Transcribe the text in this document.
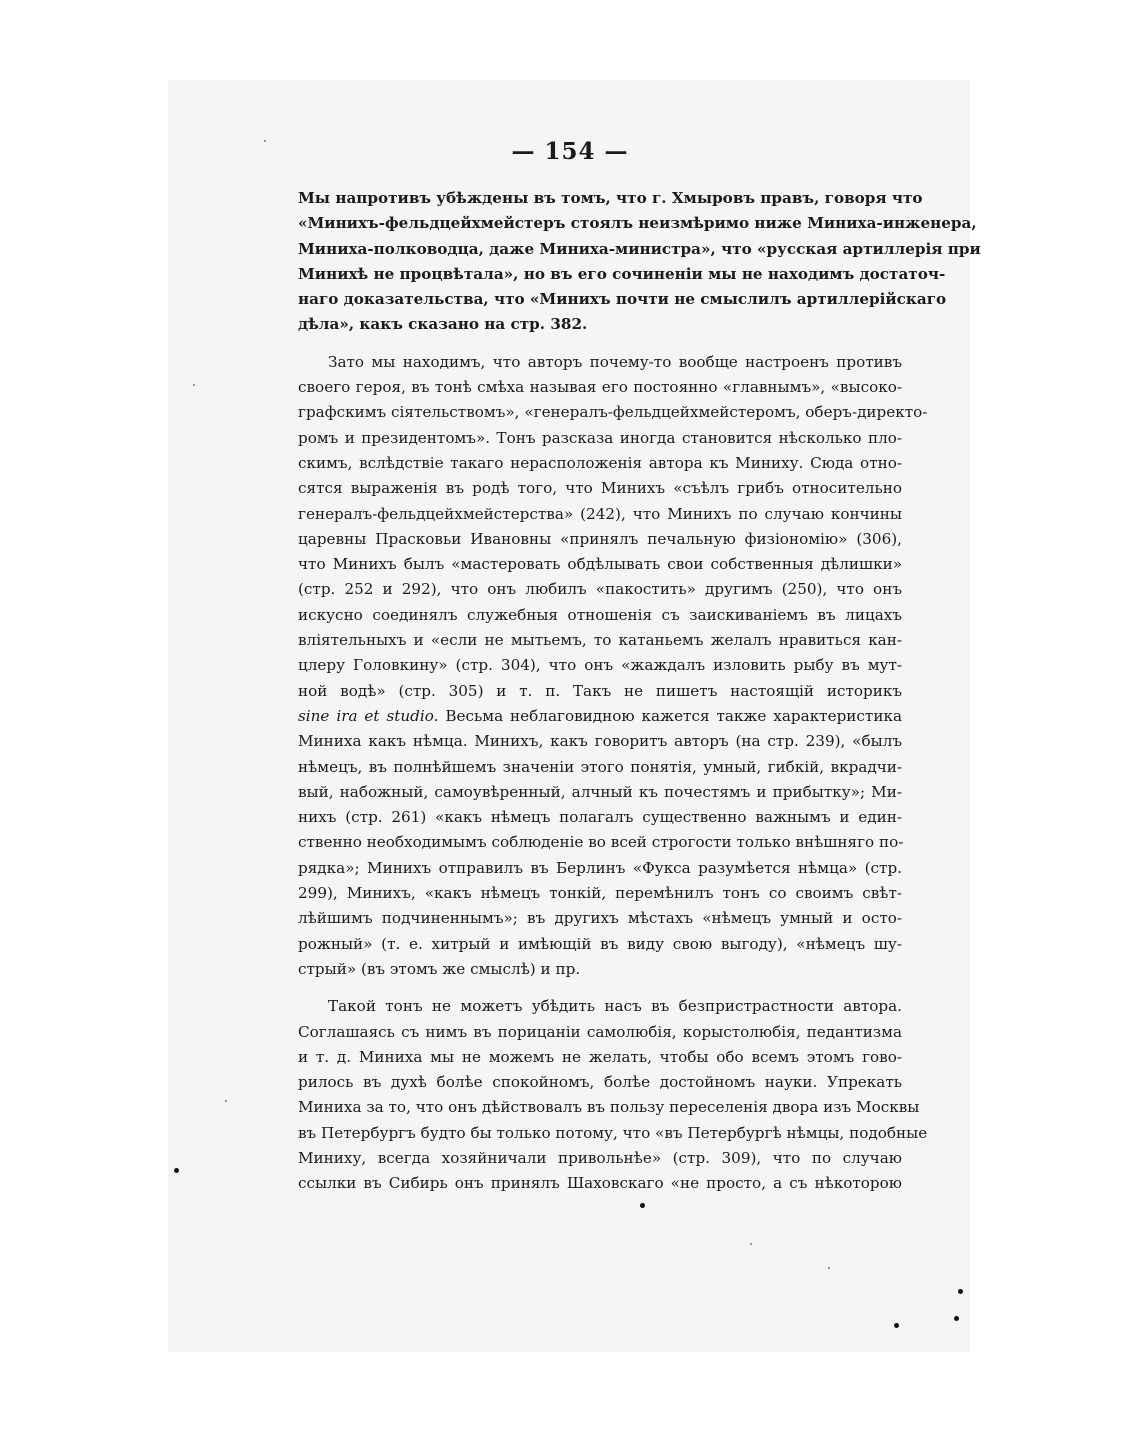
— 154 —
Мы напротивъ убѣждены въ томъ, что г. Хмыровъ правъ, говоря что
«Минихъ-фельдцейхмейстеръ стоялъ неизмѣримо ниже Миниха-инженера,
Миниха-полководца, даже Миниха-министра», что «русская артиллерія при
Минихѣ не процвѣтала», но въ его сочиненіи мы не находимъ достаточ-
наго доказательства, что «Минихъ почти не смыслилъ артиллерійскаго
дѣла», какъ сказано на стр. 382.
Зато мы находимъ, что авторъ почему-то вообще настроенъ противъ
своего героя, въ тонѣ смѣха называя его постоянно «главнымъ», «высоко-
графскимъ сіятельствомъ», «генералъ-фельдцейхмейстеромъ, оберъ-директо-
ромъ и президентомъ». Тонъ разсказа иногда становится нѣсколько пло-
скимъ, вслѣдствіе такаго нерасположенія автора къ Миниху. Сюда отно-
сятся выраженія въ родѣ того, что Минихъ «съѣлъ грибъ относительно
генералъ-фельдцейхмейстерства» (242), что Минихъ по случаю кончины
царевны Прасковьи Ивановны «принялъ печальную физіономію» (306),
что Минихъ былъ «мастеровать обдѣлывать свои собственныя дѣлишки»
(стр. 252 и 292), что онъ любилъ «пакостить» другимъ (250), что онъ
искусно соединялъ служебныя отношенія съ заискиваніемъ въ лицахъ
вліятельныхъ и «если не мытьемъ, то катаньемъ желалъ нравиться кан-
цлеру Головкину» (стр. 304), что онъ «жаждалъ изловить рыбу въ мут-
ной водѣ» (стр. 305) и т. п. Такъ не пишетъ настоящій историкъ
sine ira et studio. Весьма неблаговидною кажется также характеристика
Миниха какъ нѣмца. Минихъ, какъ говоритъ авторъ (на стр. 239), «былъ
нѣмецъ, въ полнѣйшемъ значеніи этого понятія, умный, гибкій, вкрадчи-
вый, набожный, самоувѣренный, алчный къ почестямъ и прибытку»; Ми-
нихъ (стр. 261) «какъ нѣмецъ полагалъ существенно важнымъ и един-
ственно необходимымъ соблюденіе во всей строгости только внѣшняго по-
рядка»; Минихъ отправилъ въ Берлинъ «Фукса разумѣется нѣмца» (стр.
299), Минихъ, «какъ нѣмецъ тонкій, перемѣнилъ тонъ со своимъ свѣт-
лѣйшимъ подчиненнымъ»; въ другихъ мѣстахъ «нѣмецъ умный и осто-
рожный» (т. е. хитрый и имѣющій въ виду свою выгоду), «нѣмецъ шу-
стрый» (въ этомъ же смыслѣ) и пр.
Такой тонъ не можетъ убѣдить насъ въ безпристрастности автора.
Соглашаясь съ нимъ въ порицаніи самолюбія, корыстолюбія, педантизма
и т. д. Миниха мы не можемъ не желать, чтобы обо всемъ этомъ гово-
рилось въ духѣ болѣе спокойномъ, болѣе достойномъ науки. Упрекать
Миниха за то, что онъ дѣйствовалъ въ пользу переселенія двора изъ Москвы
въ Петербургъ будто бы только потому, что «въ Петербургѣ нѣмцы, подобные
Миниху, всегда хозяйничали привольнѣе» (стр. 309), что по случаю
ссылки въ Сибирь онъ принялъ Шаховскаго «не просто, а съ нѣкоторою
